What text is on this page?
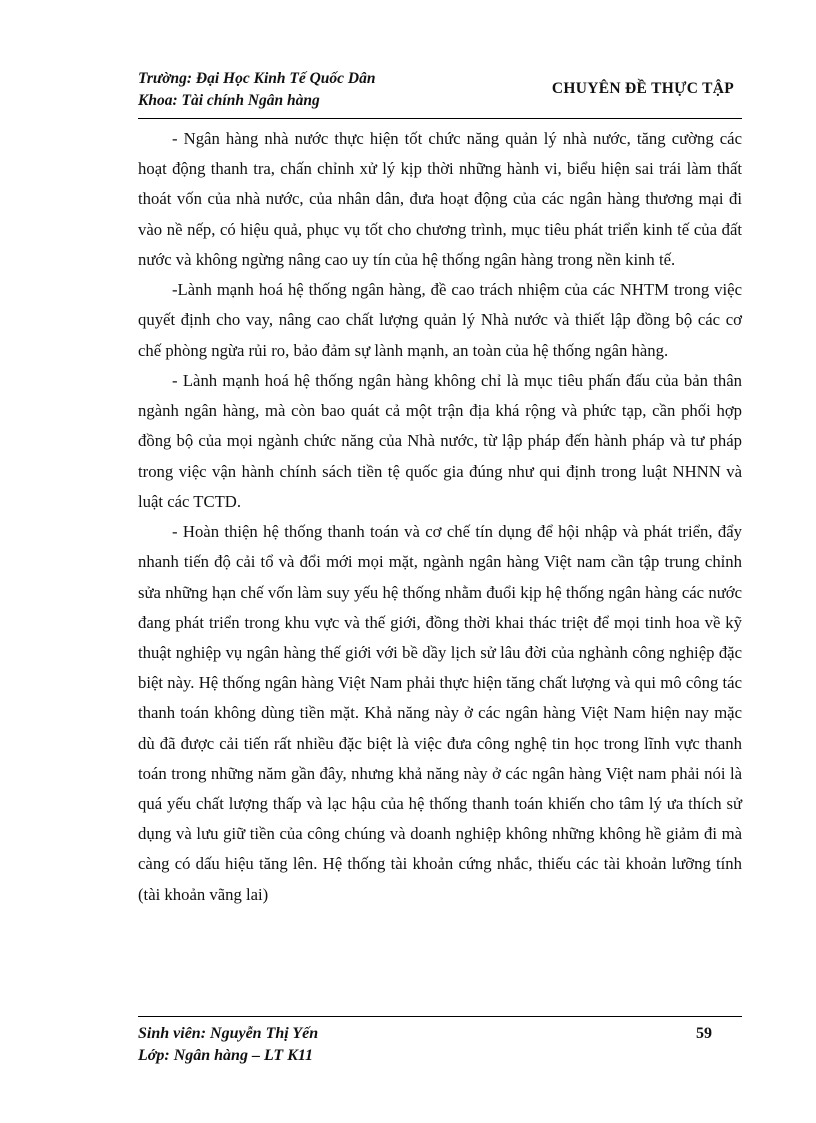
Trường: Đại Học Kinh Tế Quốc Dân
Khoa: Tài chính Ngân hàng
CHUYÊN ĐỀ THỰC TẬP

- Ngân hàng nhà nước thực hiện tốt chức năng quản lý nhà nước, tăng cường các hoạt động thanh tra, chấn chỉnh xử lý kịp thời những hành vi, biểu hiện sai trái làm thất thoát vốn của nhà nước, của nhân dân, đưa hoạt động của các ngân hàng thương mại đi vào nề nếp, có hiệu quả, phục vụ tốt cho chương trình, mục tiêu phát triển kinh tế của đất nước và không ngừng nâng cao uy tín của hệ thống ngân hàng trong nền kinh tế.

-Lành mạnh hoá hệ thống ngân hàng, đề cao trách nhiệm của các NHTM trong việc quyết định cho vay, nâng cao chất lượng quản lý Nhà nước và thiết lập đồng bộ các cơ chế phòng ngừa rủi ro, bảo đảm sự lành mạnh, an toàn của hệ thống ngân hàng.

- Lành mạnh hoá hệ thống ngân hàng không chỉ là mục tiêu phấn đấu của bản thân ngành ngân hàng, mà còn bao quát cả một trận địa khá rộng và phức tạp, cần phối hợp đồng bộ của mọi ngành chức năng của Nhà nước, từ lập pháp đến hành pháp và tư pháp trong việc vận hành chính sách tiền tệ quốc gia đúng như qui định trong luật NHNN và luật các TCTD.

- Hoàn thiện hệ thống thanh toán và cơ chế tín dụng để hội nhập và phát triển, đẩy nhanh tiến độ cải tổ và đổi mới mọi mặt, ngành ngân hàng Việt nam cần tập trung chỉnh sửa những hạn chế vốn làm suy yếu hệ thống nhằm đuổi kịp hệ thống ngân hàng các nước đang phát triển trong khu vực và thế giới, đồng thời khai thác triệt để mọi tinh hoa về kỹ thuật nghiệp vụ ngân hàng thế giới với bề dầy lịch sử lâu đời của nghành công nghiệp đặc biệt này. Hệ thống ngân hàng Việt Nam phải thực hiện tăng chất lượng và qui mô công tác thanh toán không dùng tiền mặt. Khả năng này ở các ngân hàng Việt Nam hiện nay mặc dù đã được cải tiến rất nhiều đặc biệt là việc đưa công nghệ tin học trong lĩnh vực thanh toán trong những năm gần đây, nhưng khả năng này ở các ngân hàng Việt nam phải nói là quá yếu chất lượng thấp và lạc hậu của hệ thống thanh toán khiến cho tâm lý ưa thích sử dụng và lưu giữ tiền của công chúng và doanh nghiệp không những không hề giảm đi mà càng có dấu hiệu tăng lên. Hệ thống tài khoản cứng nhắc, thiếu các tài khoản lưỡng tính (tài khoản vãng lai)

Sinh viên: Nguyễn Thị Yến
Lớp: Ngân hàng – LT K11
59
